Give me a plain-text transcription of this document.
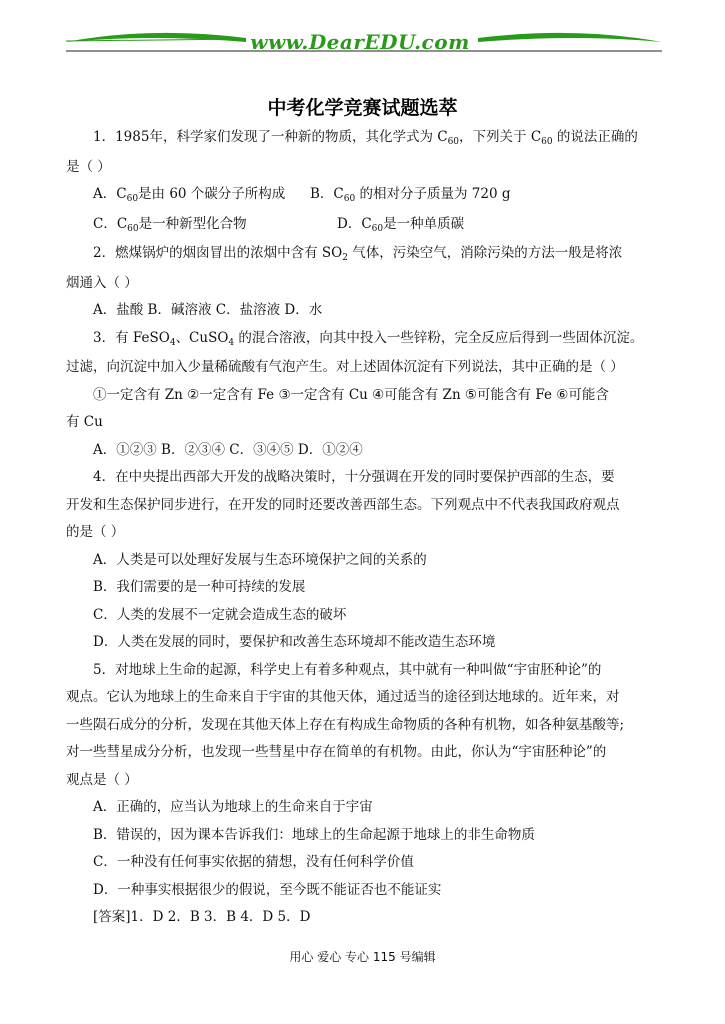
www.DearEDU.com
中考化学竞赛试题选萃

1．1985年，科学家们发现了一种新的物质，其化学式为 $C_{60}$，下列关于 $C_{60}$ 的说法正确的

是（ ）

A．$C_{60}$是由 60 个碳分子所构成	B．$C_{60}$ 的相对分子质量为 720 g
C．$C_{60}$是一种新型化合物	D．$C_{60}$是一种单质碳

2．燃煤锅炉的烟囱冒出的浓烟中含有 $SO_2$ 气体，污染空气，消除污染的方法一般是将浓

烟通入（ ）

A．盐酸 B．碱溶液 C．盐溶液 D．水

3．有 FeSO$_4$、CuSO$_4$ 的混合溶液，向其中投入一些锌粉，完全反应后得到一些固体沉淀。

过滤，向沉淀中加入少量稀硫酸有气泡产生。对上述固体沉淀有下列说法，其中正确的是（ ）

①一定含有 Zn ②一定含有 Fe ③一定含有 Cu ④可能含有 Zn ⑤可能含有 Fe ⑥可能含

有 Cu

A．①②③ B．②③④ C．③④⑤ D．①②④

4．在中央提出西部大开发的战略决策时，十分强调在开发的同时要保护西部的生态，要

开发和生态保护同步进行，在开发的同时还要改善西部生态。下列观点中不代表我国政府观点

的是（ ）

A．人类是可以处理好发展与生态环境保护之间的关系的

B．我们需要的是一种可持续的发展

C．人类的发展不一定就会造成生态的破坏

D．人类在发展的同时，要保护和改善生态环境却不能改造生态环境

5．对地球上生命的起源，科学史上有着多种观点，其中就有一种叫做“宇宙胚种论”的

观点。它认为地球上的生命来自于宇宙的其他天体，通过适当的途径到达地球的。近年来，对

一些陨石成分的分析，发现在其他天体上存在有构成生命物质的各种有机物，如各种氨基酸等;

对一些彗星成分分析，也发现一些彗星中存在简单的有机物。由此，你认为“宇宙胚种论”的

观点是（ ）

A．正确的，应当认为地球上的生命来自于宇宙

B．错误的，因为课本告诉我们：地球上的生命起源于地球上的非生命物质

C．一种没有任何事实依据的猜想，没有任何科学价值

D．一种事实根据很少的假说，至今既不能证否也不能证实

[答案]1．D 2．B 3．B 4．D 5．D

用心 爱心 专心 115 号编辑
